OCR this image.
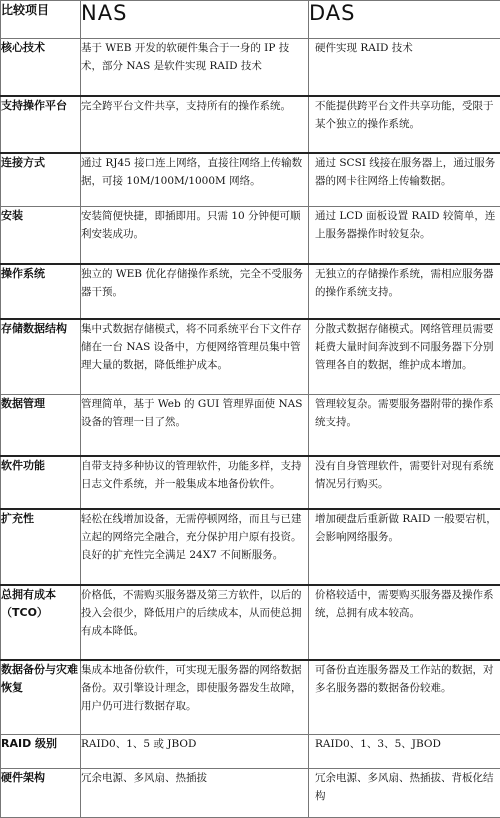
比较项目	NAS	DAS
核心技术	基于 WEB 开发的软硬件集合于一身的 IP 技术，部分 NAS 是软件实现 RAID 技术	硬件实现 RAID 技术
支持操作平台	完全跨平台文件共享，支持所有的操作系统。	不能提供跨平台文件共享功能，受限于某个独立的操作系统。
连接方式	通过 RJ45 接口连上网络，直接往网络上传输数据，可接 10M/100M/1000M 网络。	通过 SCSI 线接在服务器上，通过服务器的网卡往网络上传输数据。
安装	安装简便快捷，即插即用。只需 10 分钟便可顺利安装成功。	通过 LCD 面板设置 RAID 较简单，连上服务器操作时较复杂。
操作系统	独立的 WEB 优化存储操作系统，完全不受服务器干预。	无独立的存储操作系统，需相应服务器的操作系统支持。
存储数据结构	集中式数据存储模式，将不同系统平台下文件存储在一台 NAS 设备中，方便网络管理员集中管理大量的数据，降低维护成本。	分散式数据存储模式。网络管理员需要耗费大量时间奔波到不同服务器下分别管理各自的数据，维护成本增加。
数据管理	管理简单，基于 Web 的 GUI 管理界面使 NAS 设备的管理一目了然。	管理较复杂。需要服务器附带的操作系统支持。
软件功能	自带支持多种协议的管理软件，功能多样，支持日志文件系统，并一般集成本地备份软件。	没有自身管理软件，需要针对现有系统情况另行购买。
扩充性	轻松在线增加设备，无需停顿网络，而且与已建立起的网络完全融合，充分保护用户原有投资。良好的扩充性完全满足 24X7 不间断服务。	增加硬盘后重新做 RAID 一般要宕机，会影响网络服务。
总拥有成本（TCO）	价格低，不需购买服务器及第三方软件，以后的投入会很少，降低用户的后续成本，从而使总拥有成本降低。	价格较适中，需要购买服务器及操作系统，总拥有成本较高。
数据备份与灾难恢复	集成本地备份软件，可实现无服务器的网络数据备份。双引擎设计理念，即使服务器发生故障，用户仍可进行数据存取。	可备份直连服务器及工作站的数据，对多名服务器的数据备份较难。
RAID 级别	RAID0、1、5 或 JBOD	RAID0、1、3、5、JBOD
硬件架构	冗余电源、多风扇、热插拔	冗余电源、多风扇、热插拔、背板化结构
